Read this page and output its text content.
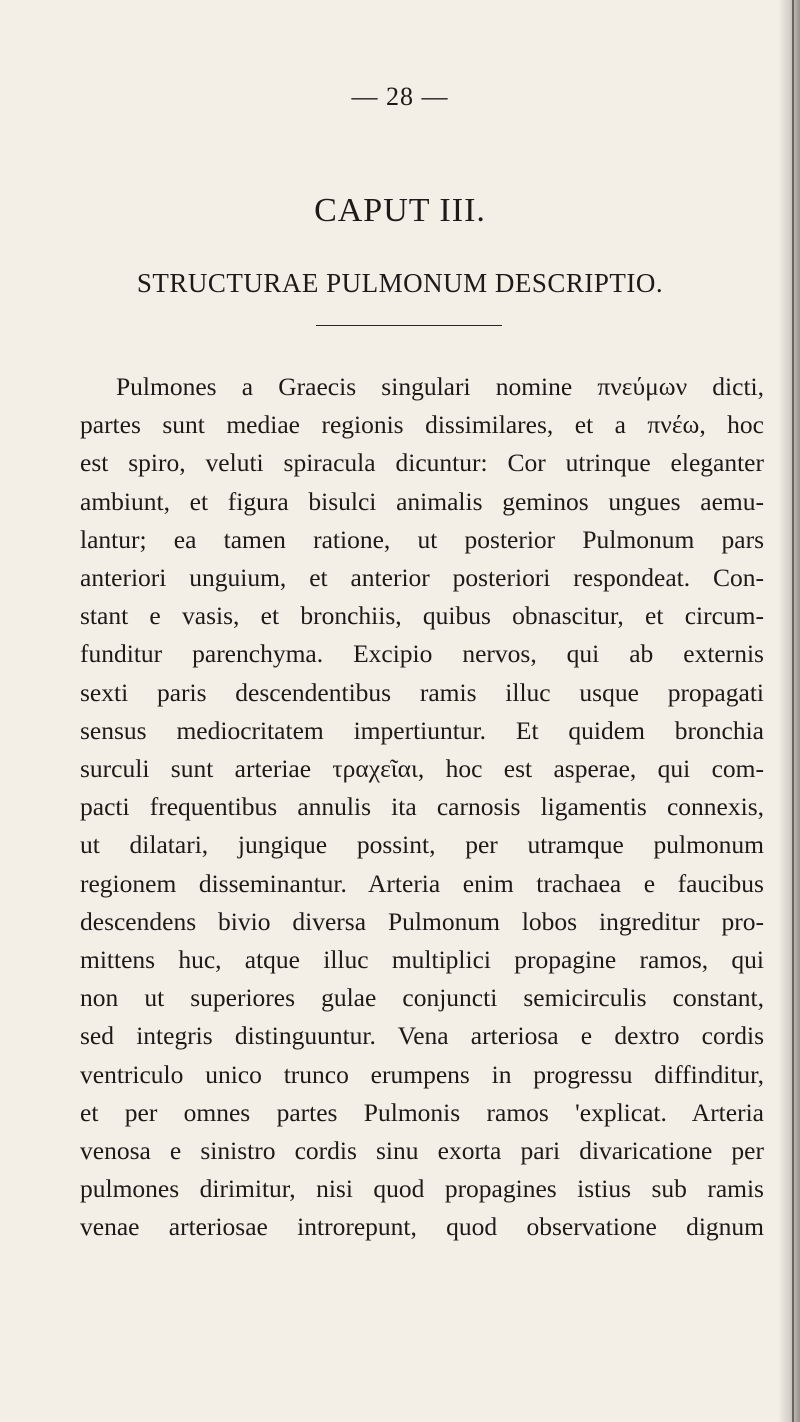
— 28 —
CAPUT III.
STRUCTURAE PULMONUM DESCRIPTIO.
Pulmones a Graecis singulari nomine πνεύμων dicti,
partes sunt mediae regionis dissimilares, et a πνέω, hoc
est spiro, veluti spiracula dicuntur: Cor utrinque eleganter
ambiunt, et figura bisulci animalis geminos ungues aemu-
lantur; ea tamen ratione, ut posterior Pulmonum pars
anteriori unguium, et anterior posteriori respondeat. Con-
stant e vasis, et bronchiis, quibus obnascitur, et circum-
funditur parenchyma. Excipio nervos, qui ab externis
sexti paris descendentibus ramis illuc usque propagati
sensus mediocritatem impertiuntur. Et quidem bronchia
surculi sunt arteriae τραχεῖαι, hoc est asperae, qui com-
pacti frequentibus annulis ita carnosis ligamentis connexis,
ut dilatari, jungique possint, per utramque pulmonum
regionem disseminantur. Arteria enim trachaea e faucibus
descendens bivio diversa Pulmonum lobos ingreditur pro-
mittens huc, atque illuc multiplici propagine ramos, qui
non ut superiores gulae conjuncti semicirculis constant,
sed integris distinguuntur. Vena arteriosa e dextro cordis
ventriculo unico trunco erumpens in progressu diffinditur,
et per omnes partes Pulmonis ramos 'explicat. Arteria
venosa e sinistro cordis sinu exorta pari divaricatione per
pulmones dirimitur, nisi quod propagines istius sub ramis
venae arteriosae introrepunt, quod observatione dignum
